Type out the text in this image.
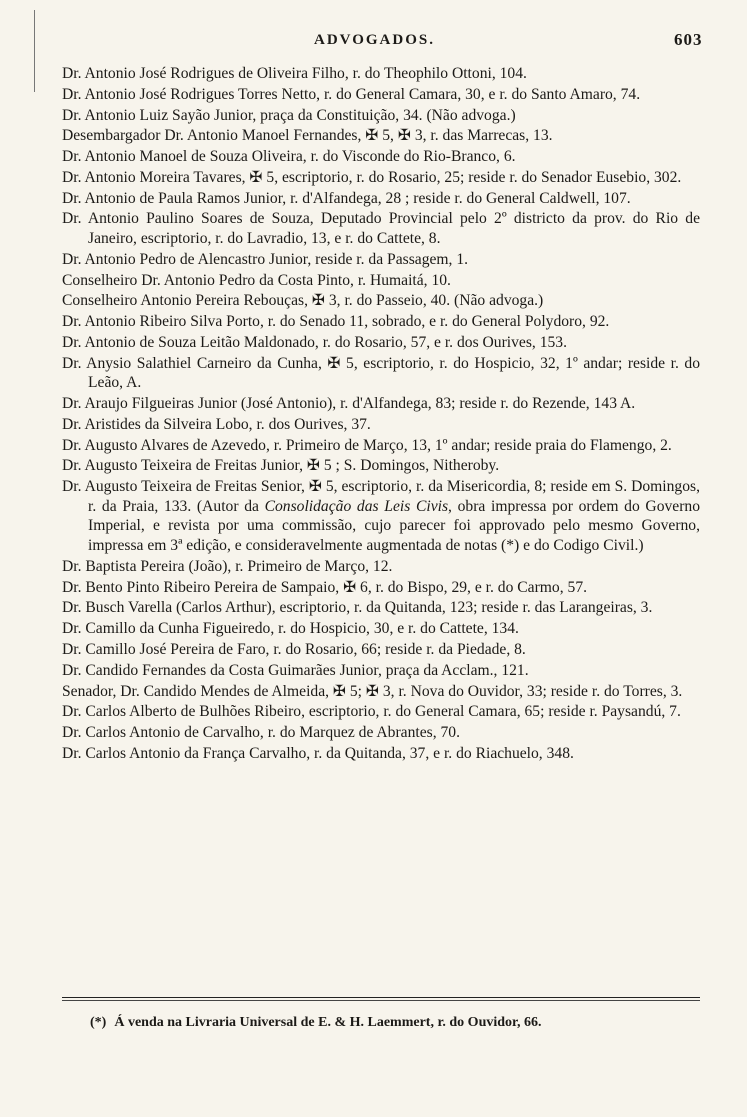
ADVOGADOS.	603

Dr. Antonio José Rodrigues de Oliveira Filho, r. do Theophilo Ottoni, 104.

Dr. Antonio José Rodrigues Torres Netto, r. do General Camara, 30, e r. do Santo Amaro, 74.

Dr. Antonio Luiz Sayão Junior, praça da Constituição, 34. (Não advoga.)

Desembargador Dr. Antonio Manoel Fernandes, ✠ 5, ✠ 3, r. das Marrecas, 13.

Dr. Antonio Manoel de Souza Oliveira, r. do Visconde do Rio-Branco, 6.

Dr. Antonio Moreira Tavares, ✠ 5, escriptorio, r. do Rosario, 25; reside r. do Senador Eusebio, 302.

Dr. Antonio de Paula Ramos Junior, r. d'Alfandega, 28 ; reside r. do General Caldwell, 107.

Dr. Antonio Paulino Soares de Souza, Deputado Provincial pelo 2º districto da prov. do Rio de Janeiro, escriptorio, r. do Lavradio, 13, e r. do Cattete, 8.

Dr. Antonio Pedro de Alencastro Junior, reside r. da Passagem, 1.

Conselheiro Dr. Antonio Pedro da Costa Pinto, r. Humaitá, 10.

Conselheiro Antonio Pereira Rebouças, ✠ 3, r. do Passeio, 40. (Não advoga.)

Dr. Antonio Ribeiro Silva Porto, r. do Senado 11, sobrado, e r. do General Polydoro, 92.

Dr. Antonio de Souza Leitão Maldonado, r. do Rosario, 57, e r. dos Ourives, 153.

Dr. Anysio Salathiel Carneiro da Cunha, ✠ 5, escriptorio, r. do Hospicio, 32, 1º andar; reside r. do Leão, A.

Dr. Araujo Filgueiras Junior (José Antonio), r. d'Alfandega, 83; reside r. do Rezende, 143 A.

Dr. Aristides da Silveira Lobo, r. dos Ourives, 37.

Dr. Augusto Alvares de Azevedo, r. Primeiro de Março, 13, 1º andar; reside praia do Flamengo, 2.

Dr. Augusto Teixeira de Freitas Junior, ✠ 5 ; S. Domingos, Nitheroby.

Dr. Augusto Teixeira de Freitas Senior, ✠ 5, escriptorio, r. da Misericordia, 8; reside em S. Domingos, r. da Praia, 133. (Autor da Consolidação das Leis Civis, obra impressa por ordem do Governo Imperial, e revista por uma commissão, cujo parecer foi approvado pelo mesmo Governo, impressa em 3ª edição, e consideravelmente augmentada de notas (*) e do Codigo Civil.)

Dr. Baptista Pereira (João), r. Primeiro de Março, 12.

Dr. Bento Pinto Ribeiro Pereira de Sampaio, ✠ 6, r. do Bispo, 29, e r. do Carmo, 57.

Dr. Busch Varella (Carlos Arthur), escriptorio, r. da Quitanda, 123; reside r. das Larangeiras, 3.

Dr. Camillo da Cunha Figueiredo, r. do Hospicio, 30, e r. do Cattete, 134.

Dr. Camillo José Pereira de Faro, r. do Rosario, 66; reside r. da Piedade, 8.

Dr. Candido Fernandes da Costa Guimarães Junior, praça da Acclam., 121.

Senador, Dr. Candido Mendes de Almeida, ✠ 5; ✠ 3, r. Nova do Ouvidor, 33; reside r. do Torres, 3.

Dr. Carlos Alberto de Bulhões Ribeiro, escriptorio, r. do General Camara, 65; reside r. Paysandú, 7.

Dr. Carlos Antonio de Carvalho, r. do Marquez de Abrantes, 70.

Dr. Carlos Antonio da França Carvalho, r. da Quitanda, 37, e r. do Riachuelo, 348.

(*) Á venda na Livraria Universal de E. & H. Laemmert, r. do Ouvidor, 66.
